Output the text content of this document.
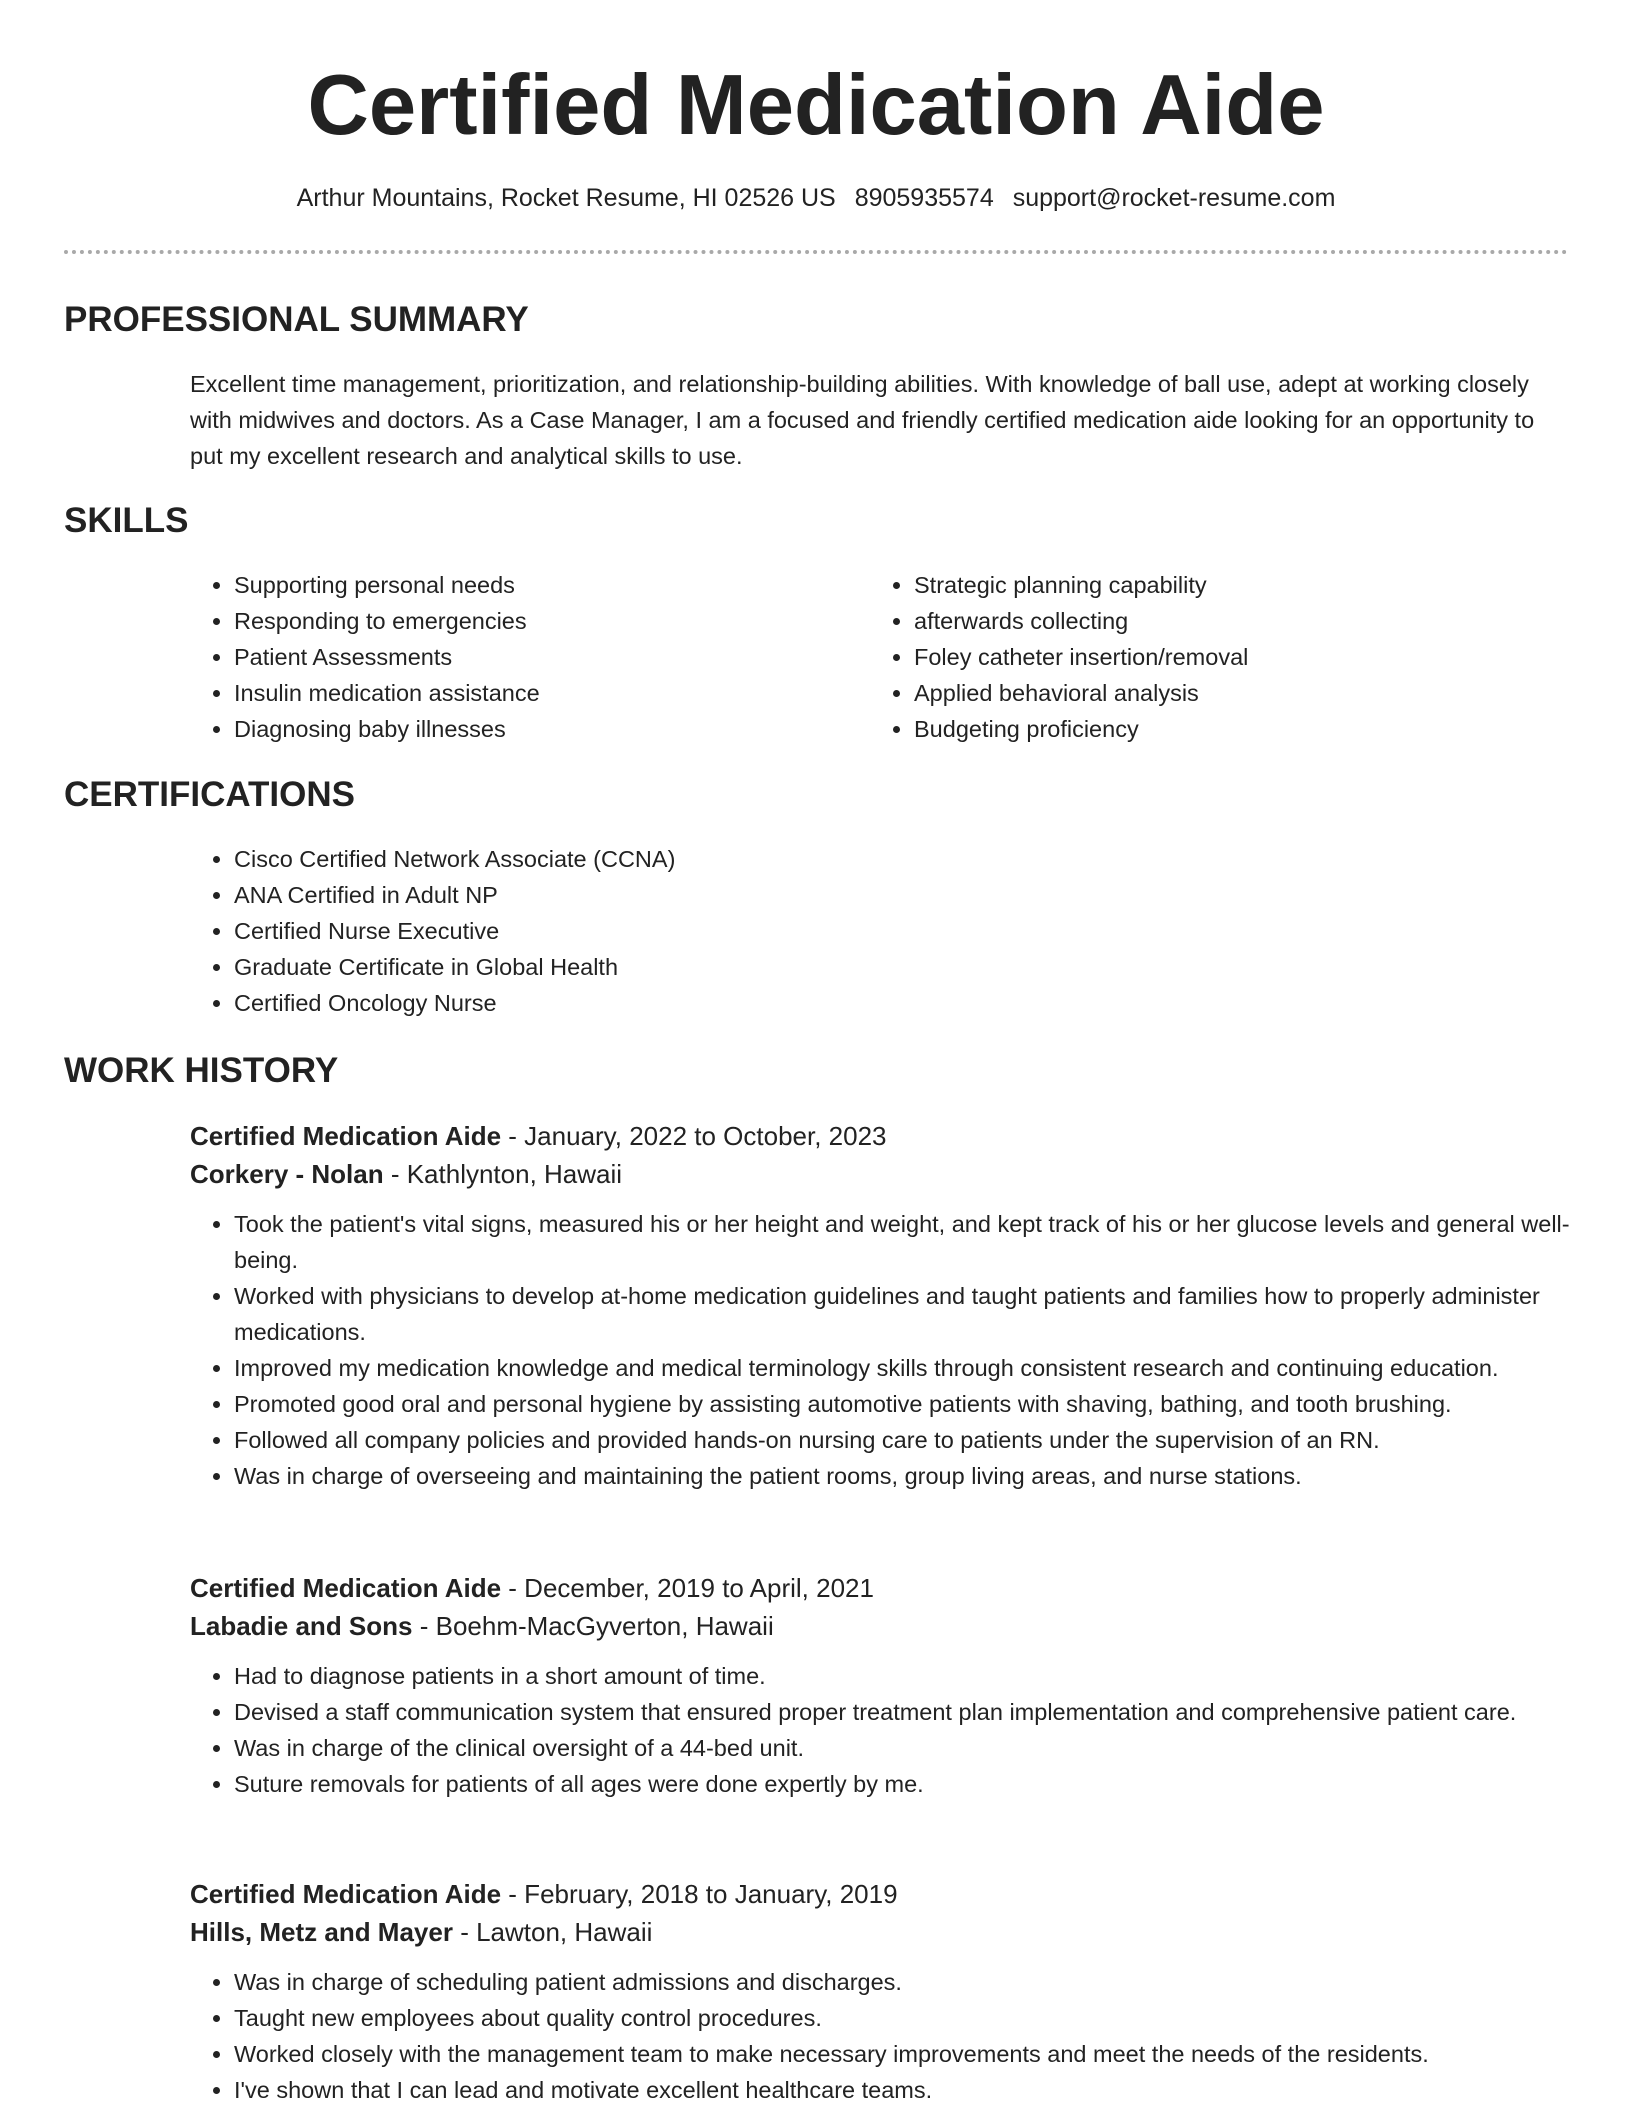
Certified Medication Aide
Arthur Mountains, Rocket Resume, HI 02526 US 8905935574 support@rocket-resume.com
PROFESSIONAL SUMMARY

Excellent time management, prioritization, and relationship-building abilities. With knowledge of ball use, adept at working closely with midwives and doctors. As a Case Manager, I am a focused and friendly certified medication aide looking for an opportunity to put my excellent research and analytical skills to use.

SKILLS
• Supporting personal needs
• Responding to emergencies
• Patient Assessments
• Insulin medication assistance
• Diagnosing baby illnesses
• Strategic planning capability
• afterwards collecting
• Foley catheter insertion/removal
• Applied behavioral analysis
• Budgeting proficiency
CERTIFICATIONS
• Cisco Certified Network Associate (CCNA)
• ANA Certified in Adult NP
• Certified Nurse Executive
• Graduate Certificate in Global Health
• Certified Oncology Nurse
WORK HISTORY

Certified Medication Aide - January, 2022 to October, 2023

Corkery - Nolan - Kathlynton, Hawaii

• Took the patient's vital signs, measured his or her height and weight, and kept track of his or her glucose levels and general well-being.
• Worked with physicians to develop at-home medication guidelines and taught patients and families how to properly administer medications.
• Improved my medication knowledge and medical terminology skills through consistent research and continuing education.
• Promoted good oral and personal hygiene by assisting automotive patients with shaving, bathing, and tooth brushing.
• Followed all company policies and provided hands-on nursing care to patients under the supervision of an RN.
• Was in charge of overseeing and maintaining the patient rooms, group living areas, and nurse stations.

Certified Medication Aide - December, 2019 to April, 2021

Labadie and Sons - Boehm-MacGyverton, Hawaii

• Had to diagnose patients in a short amount of time.
• Devised a staff communication system that ensured proper treatment plan implementation and comprehensive patient care.
• Was in charge of the clinical oversight of a 44-bed unit.
• Suture removals for patients of all ages were done expertly by me.

Certified Medication Aide - February, 2018 to January, 2019

Hills, Metz and Mayer - Lawton, Hawaii

• Was in charge of scheduling patient admissions and discharges.
• Taught new employees about quality control procedures.
• Worked closely with the management team to make necessary improvements and meet the needs of the residents.
• I've shown that I can lead and motivate excellent healthcare teams.
